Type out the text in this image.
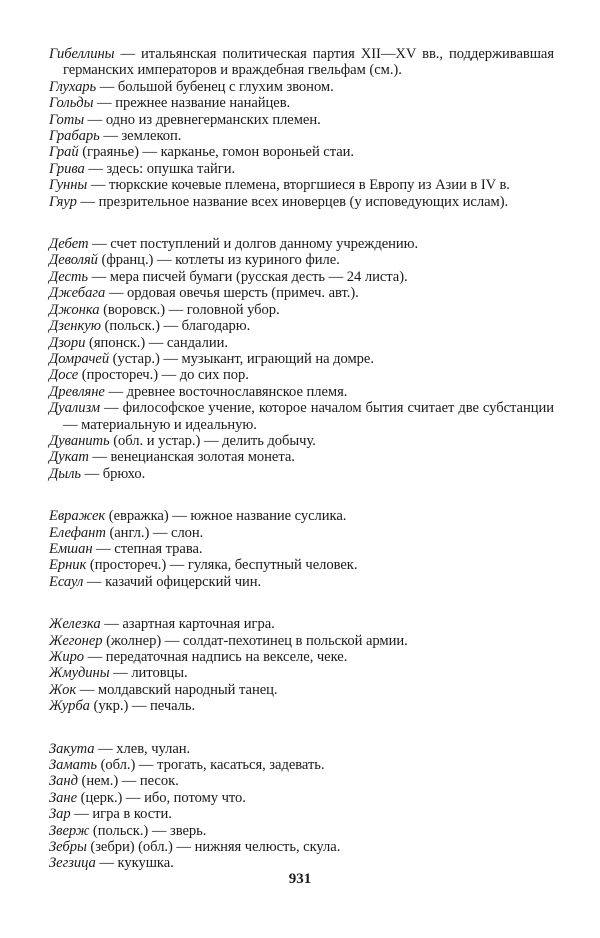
Гибеллины — итальянская политическая партия XII—XV вв., поддерживавшая германских императоров и враждебная гвельфам (см.).

Глухарь — большой бубенец с глухим звоном.

Гольды — прежнее название нанайцев.

Готы — одно из древнегерманских племен.

Грабарь — землекоп.

Грай (граянье) — карканье, гомон вороньей стаи.

Грива — здесь: опушка тайги.

Гунны — тюркские кочевые племена, вторгшиеся в Европу из Азии в IV в.

Гяур — презрительное название всех иноверцев (у исповедующих ислам).

Дебет — счет поступлений и долгов данному учреждению.

Деволяй (франц.) — котлеты из куриного филе.

Десть — мера писчей бумаги (русская десть — 24 листа).

Джебага — ордовая овечья шерсть (примеч. авт.).

Джонка (воровск.) — головной убор.

Дзенкую (польск.) — благодарю.

Дзори (японск.) — сандалии.

Домрачей (устар.) — музыкант, играющий на домре.

Досе (простореч.) — до сих пор.

Древляне — древнее восточнославянское племя.

Дуализм — философское учение, которое началом бытия считает две субстанции — материальную и идеальную.

Дуванить (обл. и устар.) — делить добычу.

Дукат — венецианская золотая монета.

Дыль — брюхо.

Евражек (евражка) — южное название суслика.

Елефант (англ.) — слон.

Емшан — степная трава.

Ерник (простореч.) — гуляка, беспутный человек.

Есаул — казачий офицерский чин.

Железка — азартная карточная игра.

Жегонер (жолнер) — солдат-пехотинец в польской армии.

Жиро — передаточная надпись на векселе, чеке.

Жмудины — литовцы.

Жок — молдавский народный танец.

Журба (укр.) — печаль.

Закута — хлев, чулан.

Замать (обл.) — трогать, касаться, задевать.

Занд (нем.) — песок.

Зане (церк.) — ибо, потому что.

Зар — игра в кости.

Зверж (польск.) — зверь.

Зебры (зебри) (обл.) — нижняя челюсть, скула.

Зегзица — кукушка.

931
